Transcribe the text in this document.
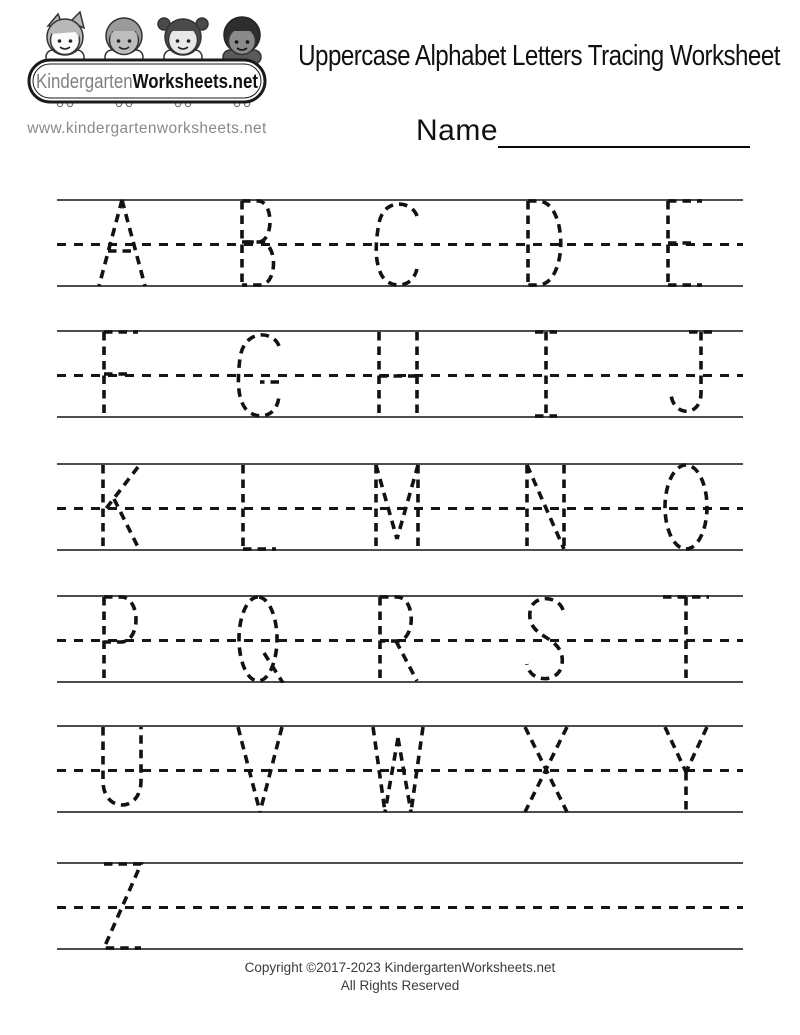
KindergartenWorksheets.net
www.kindergartenworksheets.net
Uppercase Alphabet Letters Tracing Worksheet
Name
Copyright ©2017-2023 KindergartenWorksheets.net
All Rights Reserved
